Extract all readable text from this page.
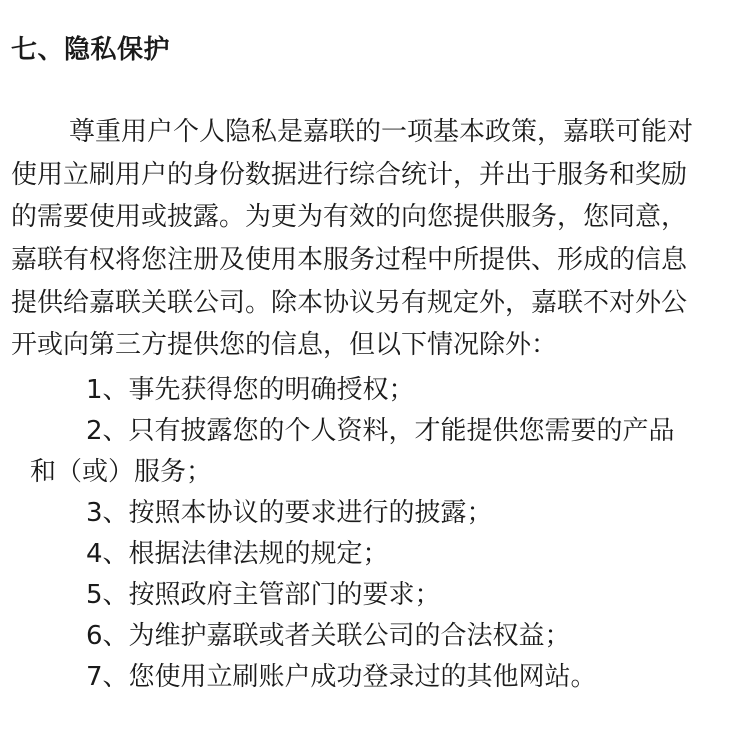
七、隐私保护
尊重用户个人隐私是嘉联的一项基本政策，嘉联可能对
使用立刷用户的身份数据进行综合统计，并出于服务和奖励
的需要使用或披露。为更为有效的向您提供服务，您同意，
嘉联有权将您注册及使用本服务过程中所提供、形成的信息
提供给嘉联关联公司。除本协议另有规定外，嘉联不对外公
开或向第三方提供您的信息，但以下情况除外：
1、事先获得您的明确授权；
2、只有披露您的个人资料，才能提供您需要的产品
和（或）服务；
3、按照本协议的要求进行的披露；
4、根据法律法规的规定；
5、按照政府主管部门的要求；
6、为维护嘉联或者关联公司的合法权益；
7、您使用立刷账户成功登录过的其他网站。
